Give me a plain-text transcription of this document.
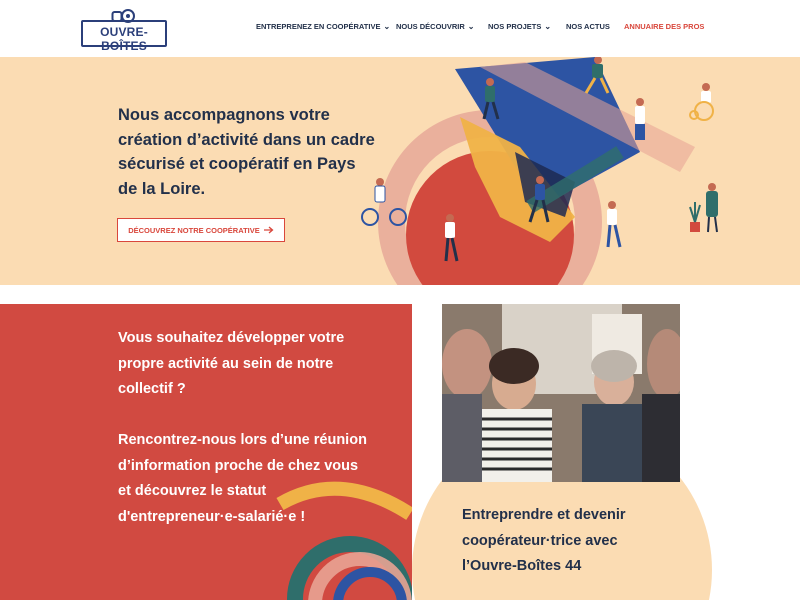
OUVRE-BOÎTES
ENTREPRENEZ EN COOPÉRATIVE ⌄ NOUS DÉCOUVRIR ⌄ NOS PROJETS ⌄ NOS ACTUS ANNUAIRE DES PROS
Nous accompagnons votre création d’activité dans un cadre sécurisé et coopératif en Pays de la Loire.
DÉCOUVREZ NOTRE COOPÉRATIVE
Vous souhaitez développer votre propre activité au sein de notre collectif ?
Rencontrez-nous lors d’une réunion d’information proche de chez vous et découvrez le statut d'entrepreneur·e-salarié·e !	Entreprendre et devenir coopérateur·trice avec l’Ouvre-Boîtes 44
